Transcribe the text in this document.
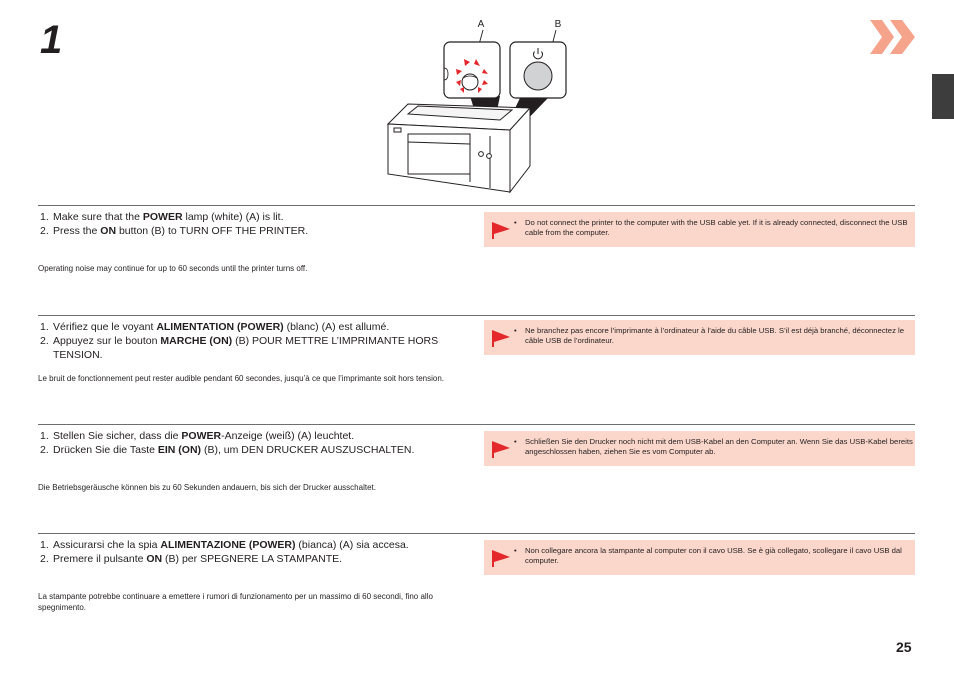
1	A	B
1. Make sure that the POWER lamp (white) (A) is lit.
2. Press the ON button (B) to TURN OFF THE PRINTER.

Operating noise may continue for up to 60 seconds until the printer turns off.

• Do not connect the printer to the computer with the USB cable yet. If it is already connected, disconnect the USB cable from the computer.

1. Vérifiez que le voyant ALIMENTATION (POWER) (blanc) (A) est allumé.
2. Appuyez sur le bouton MARCHE (ON) (B) POUR METTRE L’IMPRIMANTE HORS TENSION.

Le bruit de fonctionnement peut rester audible pendant 60 secondes, jusqu’à ce que l’imprimante soit hors tension.

• Ne branchez pas encore l’imprimante à l’ordinateur à l’aide du câble USB. S’il est déjà branché, déconnectez le câble USB de l’ordinateur.

1. Stellen Sie sicher, dass die POWER-Anzeige (weiß) (A) leuchtet.
2. Drücken Sie die Taste EIN (ON) (B), um DEN DRUCKER AUSZUSCHALTEN.

Die Betriebsgeräusche können bis zu 60 Sekunden andauern, bis sich der Drucker ausschaltet.

• Schließen Sie den Drucker noch nicht mit dem USB-Kabel an den Computer an. Wenn Sie das USB-Kabel bereits angeschlossen haben, ziehen Sie es vom Computer ab.

1. Assicurarsi che la spia ALIMENTAZIONE (POWER) (bianca) (A) sia accesa.
2. Premere il pulsante ON (B) per SPEGNERE LA STAMPANTE.

La stampante potrebbe continuare a emettere i rumori di funzionamento per un massimo di 60 secondi, fino allo spegnimento.

• Non collegare ancora la stampante al computer con il cavo USB. Se è già collegato, scollegare il cavo USB dal computer.

25
